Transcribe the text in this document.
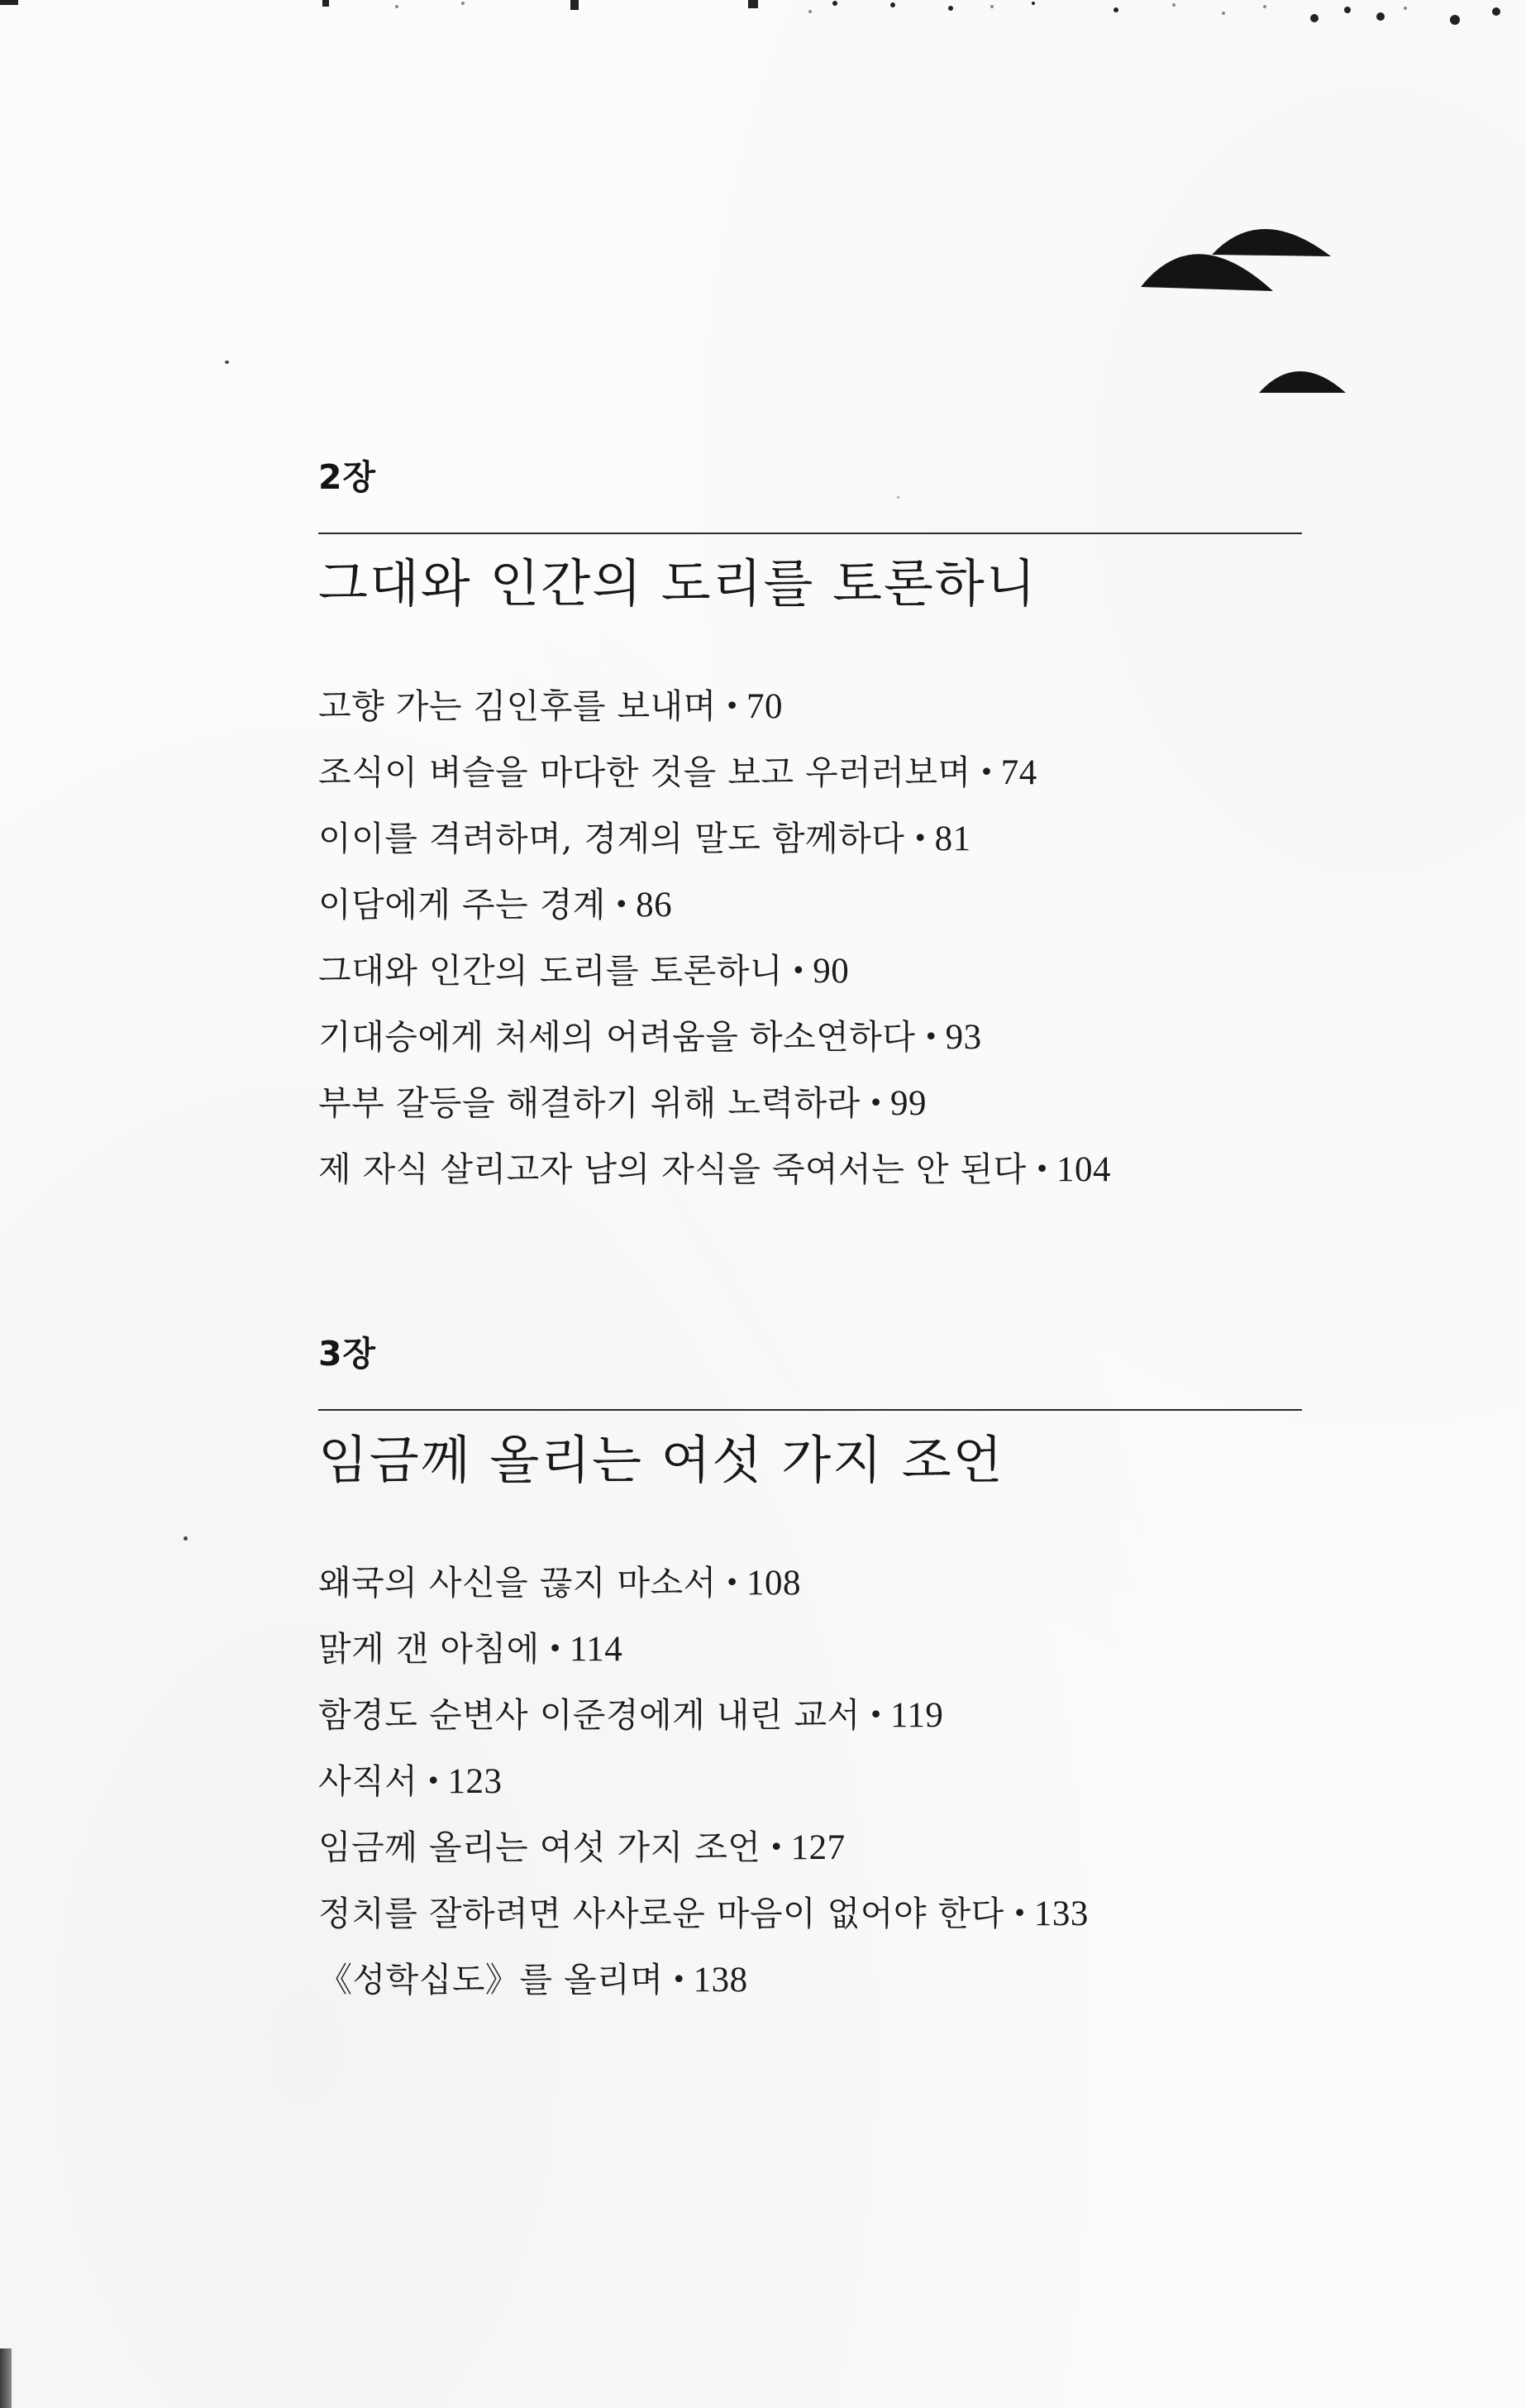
2장
그대와 인간의 도리를 토론하니
고향 가는 김인후를 보내며 • 70
조식이 벼슬을 마다한 것을 보고 우러러보며 • 74
이이를 격려하며, 경계의 말도 함께하다 • 81
이담에게 주는 경계 • 86
그대와 인간의 도리를 토론하니 • 90
기대승에게 처세의 어려움을 하소연하다 • 93
부부 갈등을 해결하기 위해 노력하라 • 99
제 자식 살리고자 남의 자식을 죽여서는 안 된다 • 104
3장
임금께 올리는 여섯 가지 조언
왜국의 사신을 끊지 마소서 • 108
맑게 갠 아침에 • 114
함경도 순변사 이준경에게 내린 교서 • 119
사직서 • 123
임금께 올리는 여섯 가지 조언 • 127
정치를 잘하려면 사사로운 마음이 없어야 한다 • 133
《성학십도》를 올리며 • 138
